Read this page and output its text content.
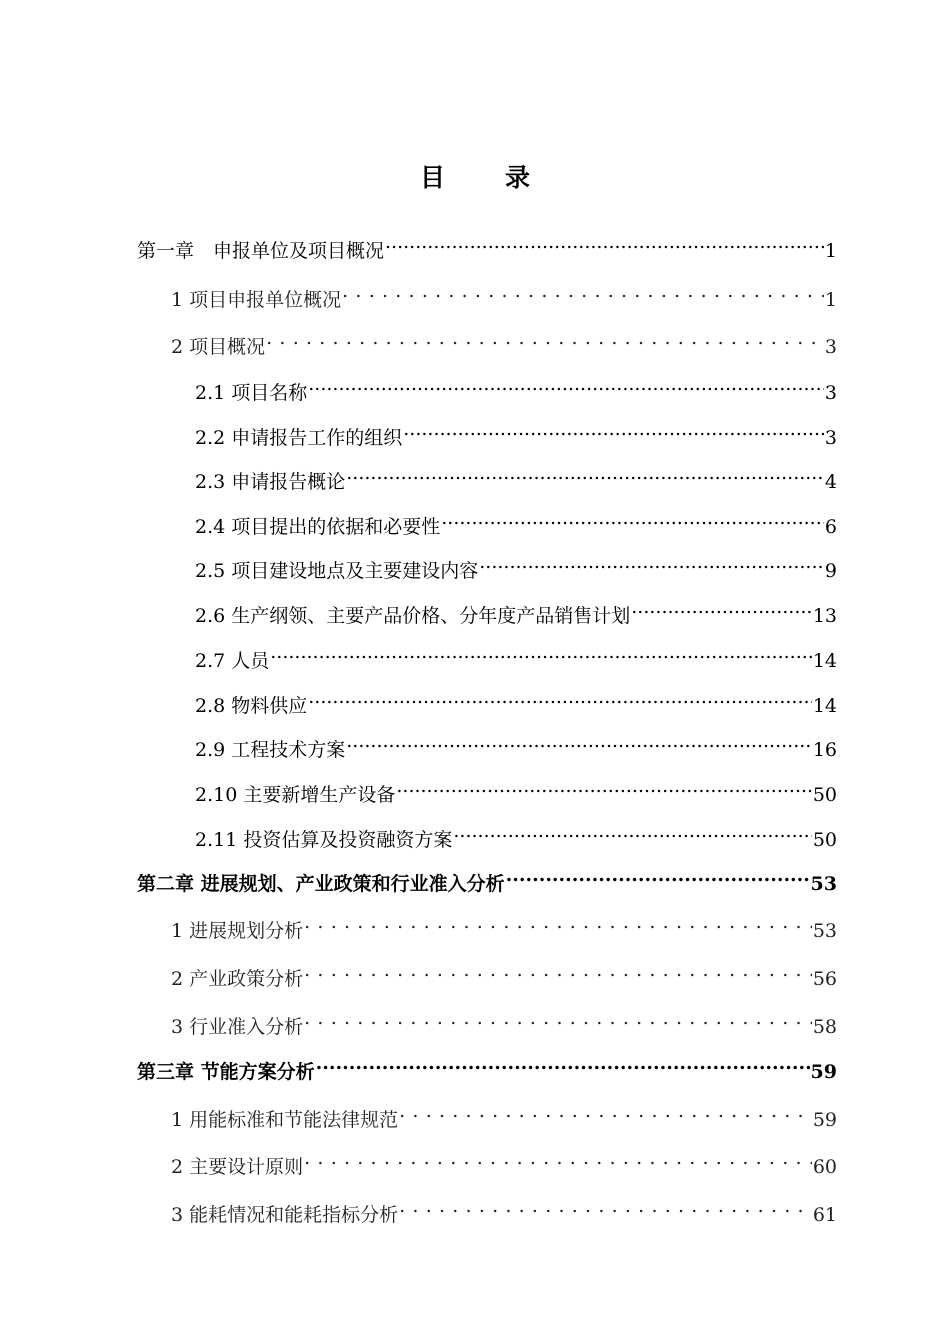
目 录
第一章　申报单位及项目概况 .....	1
1 项目申报单位概况 . . .	1
2 项目概况 . . .	3
2.1 项目名称 .....	3
2.2 申请报告工作的组织 .....	3
2.3 申请报告概论 .....	4
2.4 项目提出的依据和必要性 .....	6
2.5 项目建设地点及主要建设内容 .....	9
2.6 生产纲领、主要产品价格、分年度产品销售计划 .....	13
2.7 人员 .....	14
2.8 物料供应 .....	14
2.9 工程技术方案 .....	16
2.10 主要新增生产设备 .....	50
2.11 投资估算及投资融资方案 .....	50
第二章 进展规划、产业政策和行业准入分析 .....	53
1 进展规划分析 . . .	53
2 产业政策分析 . . .	56
3 行业准入分析 . . .	58
第三章 节能方案分析 .....	59
1 用能标准和节能法律规范 . . .	59
2 主要设计原则 . . .	60
3 能耗情况和能耗指标分析 . . .	61
